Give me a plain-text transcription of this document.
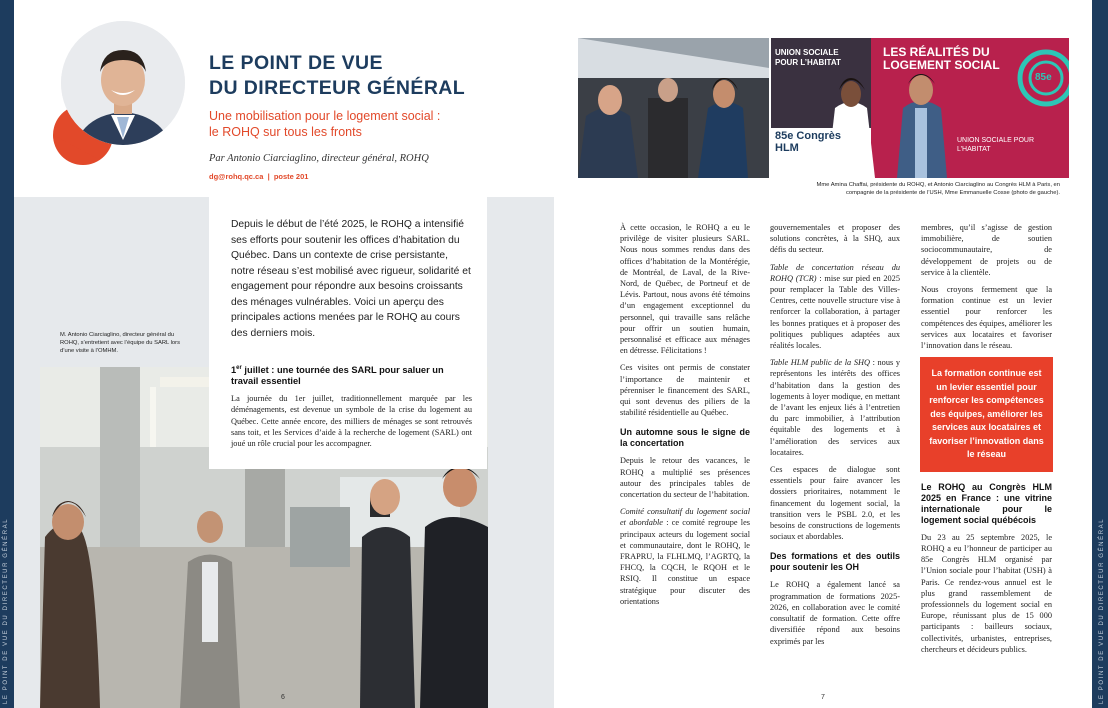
LE POINT DE VUE DU DIRECTEUR GÉNÉRAL	LE POINT DE VUE DU DIRECTEUR GÉNÉRAL
LE POINT DE VUE
DU DIRECTEUR GÉNÉRAL
Une mobilisation pour le logement social :
le ROHQ sur tous les fronts
Par Antonio Ciarciaglino, directeur général, ROHQ
dg@rohq.qc.ca  |  poste 201
Depuis le début de l’été 2025, le ROHQ a intensifié ses efforts pour soutenir les offices d’habitation du Québec. Dans un contexte de crise persistante, notre réseau s’est mobilisé avec rigueur, solidarité et engagement pour répondre aux besoins croissants des ménages vulnérables. Voici un aperçu des principales actions menées par le ROHQ au cours des derniers mois.
M. Antonio Ciarciaglino, directeur général du ROHQ, s’entretient avec l’équipe du SARL lors d’une visite à l’OMHM.
1er juillet : une tournée des SARL pour saluer un travail essentiel
La journée du 1er juillet, traditionnellement marquée par les déménagements, est devenue un symbole de la crise du logement au Québec. Cette année encore, des milliers de ménages se sont retrouvés sans toit, et les Services d’aide à la recherche de logement (SARL) ont joué un rôle crucial pour les accompagner.
6
UNION SOCIALE POUR L’HABITAT
LES RÉALITÉS DU LOGEMENT SOCIAL
85e Congrès HLM
UNION SOCIALE POUR L’HABITAT
85e
Mme Amina Chaffai, présidente du ROHQ, et Antonio Ciarciaglino au Congrès HLM à Paris, en compagnie de la présidente de l’USH, Mme Emmanuelle Cosse (photo de gauche).

À cette occasion, le ROHQ a eu le privilège de visiter plusieurs SARL. Nous nous sommes rendus dans des offices d’habitation de la Montérégie, de Montréal, de Laval, de la Rive-Nord, de Québec, de Portneuf et de Lévis. Partout, nous avons été témoins d’un engagement exceptionnel du personnel, qui travaille sans relâche pour offrir un soutien humain, personnalisé et efficace aux ménages en détresse. Félicitations !

Ces visites ont permis de constater l’importance de maintenir et pérenniser le financement des SARL, qui sont devenus des piliers de la stabilité résidentielle au Québec.

Un automne sous le signe de la concertation

Depuis le retour des vacances, le ROHQ a multiplié ses présences autour des principales tables de concertation du secteur de l’habitation.

Comité consultatif du logement social et abordable : ce comité regroupe les principaux acteurs du logement social et communautaire, dont le ROHQ, le FRAPRU, la FLHLMQ, l’AGRTQ, la FHCQ, la CQCH, le RQOH et le RSIQ. Il constitue un espace stratégique pour discuter des orientations

gouvernementales et proposer des solutions concrètes, à la SHQ, aux défis du secteur.

Table de concertation réseau du ROHQ (TCR) : mise sur pied en 2025 pour remplacer la Table des Villes-Centres, cette nouvelle structure vise à renforcer la collaboration, à partager les bonnes pratiques et à proposer des politiques publiques adaptées aux réalités locales.

Table HLM public de la SHQ : nous y représentons les intérêts des offices d’habitation dans la gestion des logements à loyer modique, en mettant de l’avant les enjeux liés à l’entretien du parc immobilier, à l’attribution équitable des logements et à l’amélioration des services aux locataires.

Ces espaces de dialogue sont essentiels pour faire avancer les dossiers prioritaires, notamment le financement du logement social, la transition vers le PSBL 2.0, et les besoins de constructions de logements sociaux et abordables.

Des formations et des outils pour soutenir les OH

Le ROHQ a également lancé sa programmation de formations 2025-2026, en collaboration avec le comité consultatif de formation. Cette offre diversifiée répond aux besoins exprimés par les

membres, qu’il s’agisse de gestion immobilière, de soutien sociocommunautaire, de développement de projets ou de service à la clientèle.

Nous croyons fermement que la formation continue est un levier essentiel pour renforcer les compétences des équipes, améliorer les services aux locataires et favoriser l’innovation dans le réseau.

La formation continue est un levier essentiel pour renforcer les compétences des équipes, améliorer les services aux locataires et favoriser l’innovation dans le réseau
Le ROHQ au Congrès HLM 2025 en France : une vitrine internationale pour le logement social québécois

Du 23 au 25 septembre 2025, le ROHQ a eu l’honneur de participer au 85e Congrès HLM organisé par l’Union sociale pour l’habitat (USH) à Paris. Ce rendez-vous annuel est le plus grand rassemblement de professionnels du logement social en Europe, réunissant plus de 15 000 participants : bailleurs sociaux, collectivités, urbanistes, entreprises, chercheurs et décideurs publics.

7
